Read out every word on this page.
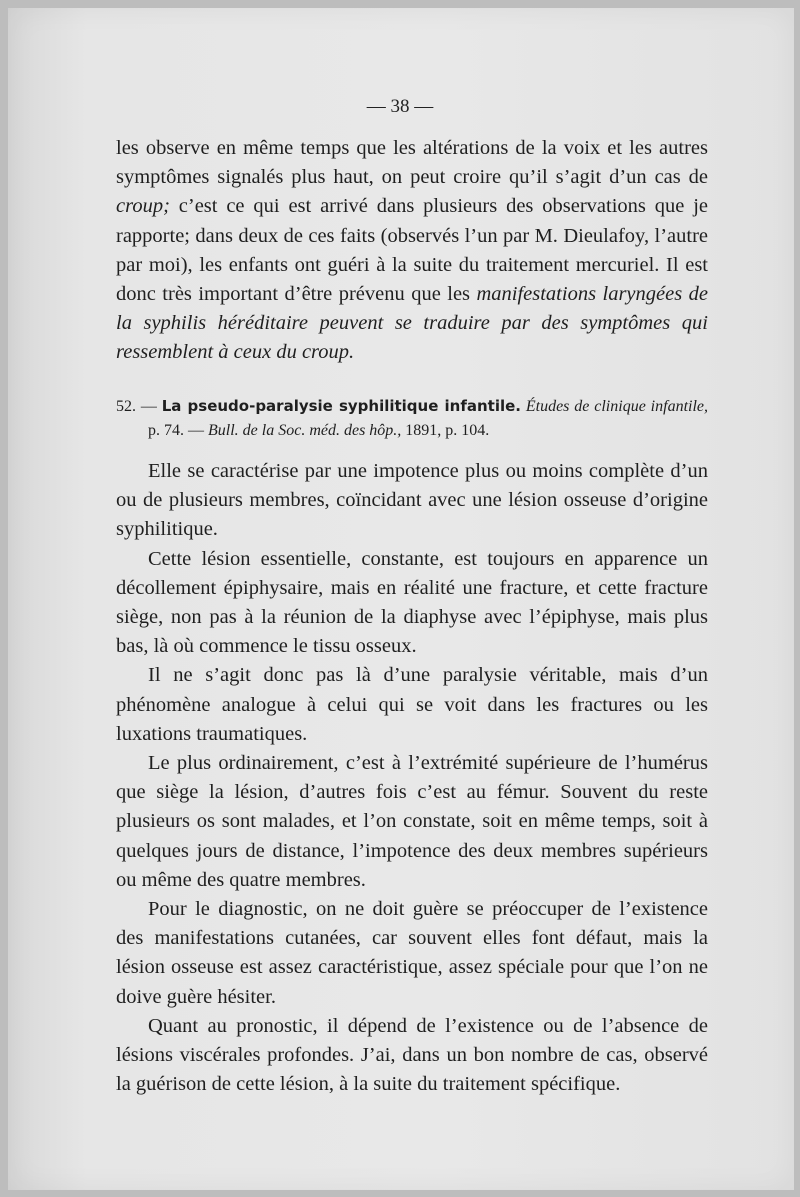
— 38 —

les observe en même temps que les altérations de la voix et les autres symptômes signalés plus haut, on peut croire qu’il s’agit d’un cas de croup; c’est ce qui est arrivé dans plusieurs des observations que je rapporte; dans deux de ces faits (observés l’un par M. Dieulafoy, l’autre par moi), les enfants ont guéri à la suite du traitement mercuriel. Il est donc très important d’être prévenu que les manifestations laryngées de la syphilis héréditaire peuvent se traduire par des symptômes qui ressemblent à ceux du croup.

52. — La pseudo-paralysie syphilitique infantile. Études de clinique infantile, p. 74. — Bull. de la Soc. méd. des hôp., 1891, p. 104.

Elle se caractérise par une impotence plus ou moins complète d’un ou de plusieurs membres, coïncidant avec une lésion osseuse d’origine syphilitique.

Cette lésion essentielle, constante, est toujours en apparence un décollement épiphysaire, mais en réalité une fracture, et cette fracture siège, non pas à la réunion de la diaphyse avec l’épiphyse, mais plus bas, là où commence le tissu osseux.

Il ne s’agit donc pas là d’une paralysie véritable, mais d’un phénomène analogue à celui qui se voit dans les fractures ou les luxations traumatiques.

Le plus ordinairement, c’est à l’extrémité supérieure de l’humérus que siège la lésion, d’autres fois c’est au fémur. Souvent du reste plusieurs os sont malades, et l’on constate, soit en même temps, soit à quelques jours de distance, l’impotence des deux membres supérieurs ou même des quatre membres.

Pour le diagnostic, on ne doit guère se préoccuper de l’existence des manifestations cutanées, car souvent elles font défaut, mais la lésion osseuse est assez caractéristique, assez spéciale pour que l’on ne doive guère hésiter.

Quant au pronostic, il dépend de l’existence ou de l’absence de lésions viscérales profondes. J’ai, dans un bon nombre de cas, observé la guérison de cette lésion, à la suite du traitement spécifique.
